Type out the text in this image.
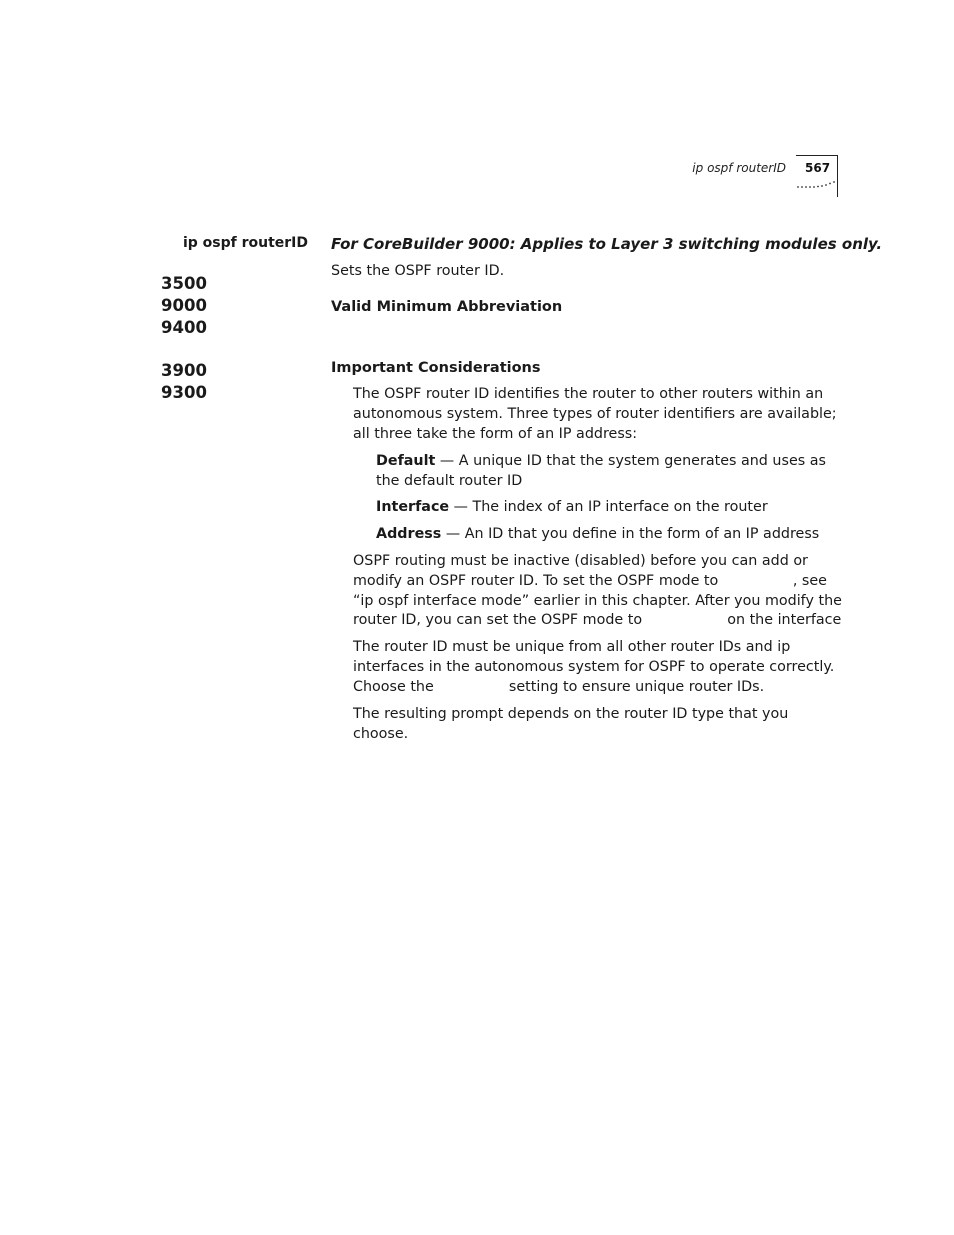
ip ospf routerID 567
ip ospf routerID
3500
9000
9400
3900
9300
For CoreBuilder 9000: Applies to Layer 3 switching modules only.
Sets the OSPF router ID.
Valid Minimum Abbreviation
Important Considerations
The OSPF router ID identifies the router to other routers within an autonomous system. Three types of router identifiers are available; all three take the form of an IP address:
Default — A unique ID that the system generates and uses as the default router ID
Interface — The index of an IP interface on the router
Address — An ID that you define in the form of an IP address
OSPF routing must be inactive (disabled) before you can add or modify an OSPF router ID. To set the OSPF mode to	, see “ip ospf interface mode” earlier in this chapter. After you modify the router ID, you can set the OSPF mode to	on the interface
The router ID must be unique from all other router IDs and ip interfaces in the autonomous system for OSPF to operate correctly. Choose the	setting to ensure unique router IDs.
The resulting prompt depends on the router ID type that you choose.
